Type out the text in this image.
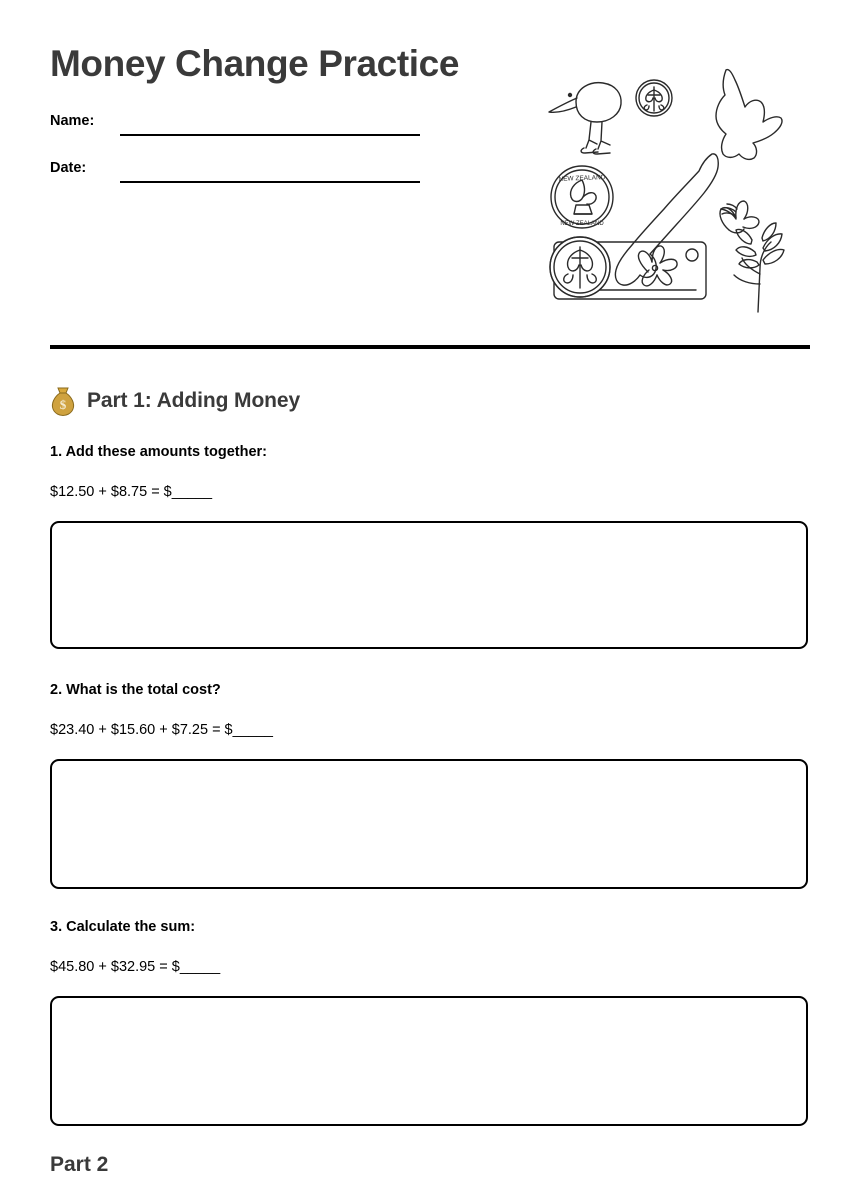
Money Change Practice
Name:
Date:
NEW ZEALAND
NEW ZEALAND
$ Part 1: Adding Money
1. Add these amounts together:
$12.50 + $8.75 = $_____
2. What is the total cost?
$23.40 + $15.60 + $7.25 = $_____
3. Calculate the sum:
$45.80 + $32.95 = $_____
Part 2
